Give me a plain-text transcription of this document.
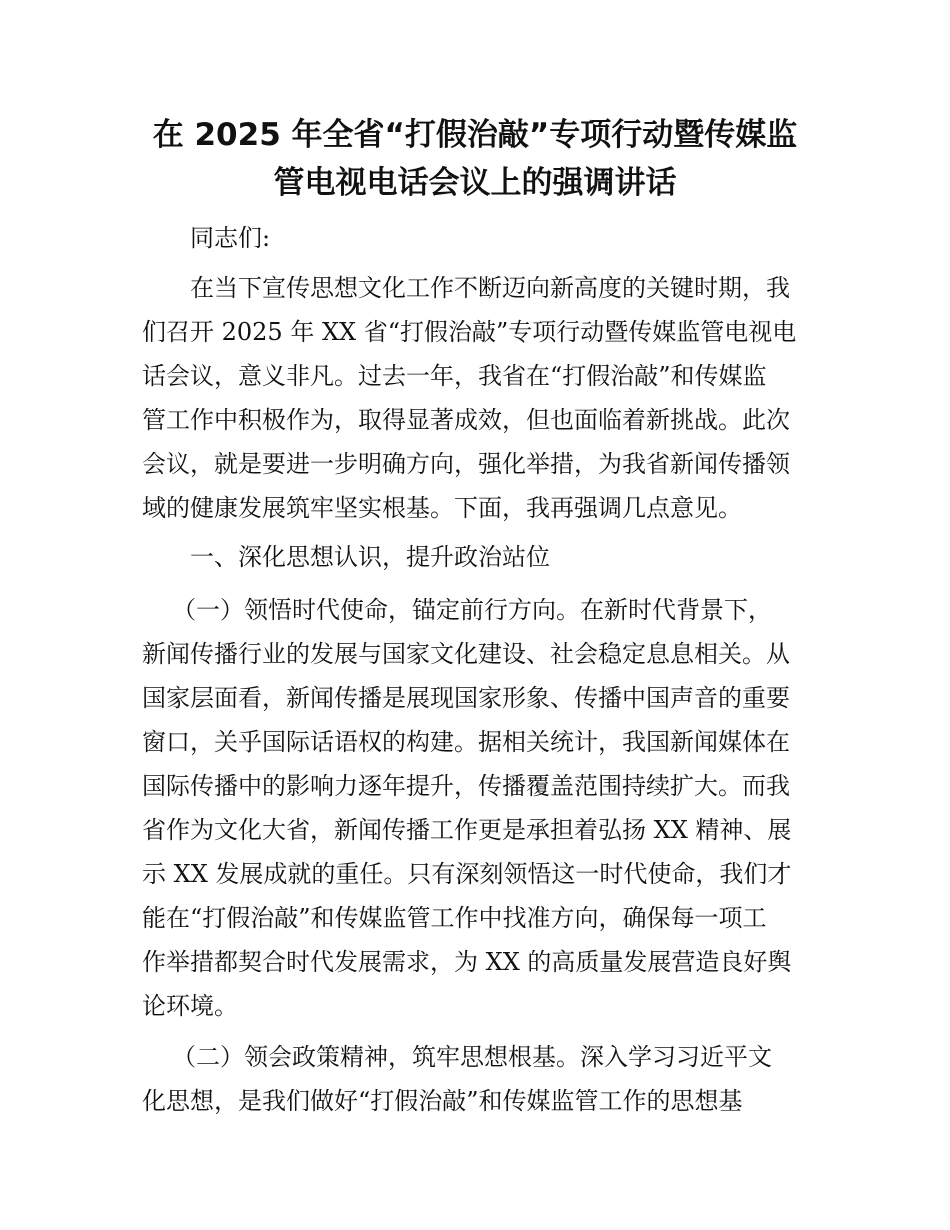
在 2025 年全省“打假治敲”专项行动暨传媒监
管电视电话会议上的强调讲话

同志们:

在当下宣传思想文化工作不断迈向新高度的关键时期，我

们召开 2025 年 XX 省“打假治敲”专项行动暨传媒监管电视电

话会议，意义非凡。过去一年，我省在“打假治敲”和传媒监

管工作中积极作为，取得显著成效，但也面临着新挑战。此次

会议，就是要进一步明确方向，强化举措，为我省新闻传播领

域的健康发展筑牢坚实根基。下面，我再强调几点意见。

一、深化思想认识，提升政治站位

（一）领悟时代使命，锚定前行方向。在新时代背景下，

新闻传播行业的发展与国家文化建设、社会稳定息息相关。从

国家层面看，新闻传播是展现国家形象、传播中国声音的重要

窗口，关乎国际话语权的构建。据相关统计，我国新闻媒体在

国际传播中的影响力逐年提升，传播覆盖范围持续扩大。而我

省作为文化大省，新闻传播工作更是承担着弘扬 XX 精神、展

示 XX 发展成就的重任。只有深刻领悟这一时代使命，我们才

能在“打假治敲”和传媒监管工作中找准方向，确保每一项工

作举措都契合时代发展需求，为 XX 的高质量发展营造良好舆

论环境。

（二）领会政策精神，筑牢思想根基。深入学习习近平文

化思想，是我们做好“打假治敲”和传媒监管工作的思想基
